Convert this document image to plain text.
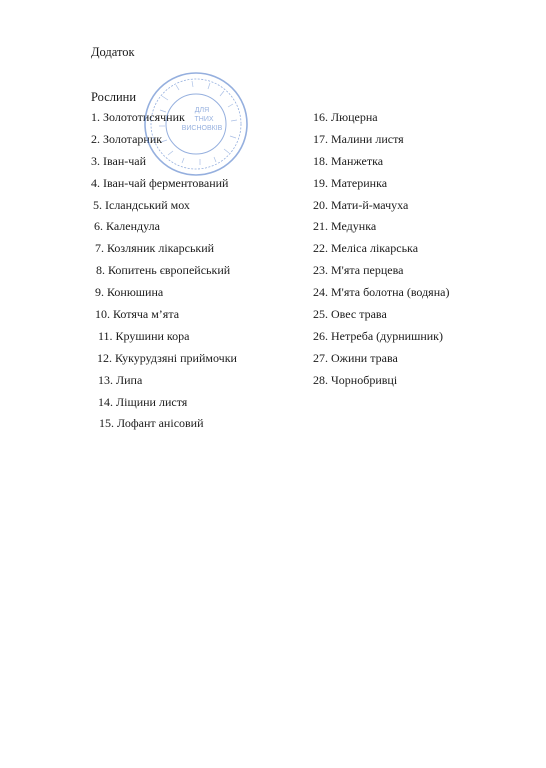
Додаток
Рослини
1. Золототисячник
2. Золотарник
3. Іван-чай
4. Іван-чай ферментований
5. Ісландський мох
6. Календула
7. Козляник лікарський
8. Копитень європейський
9. Конюшина
10. Котяча м’ята
11. Крушини кора
12. Кукурудзяні приймочки
13. Липа
14. Ліщини листя
15. Лофант анісовий
16. Люцерна
17. Малини листя
18. Манжетка
19. Материнка
20. Мати-й-мачуха
21. Медунка
22. Меліса лікарська
23. М'ята перцева
24. М'ята болотна (водяна)
25. Овес трава
26. Нетреба (дурнишник)
27. Ожини трава
28. Чорнобривці
ДЛЯ
ТНИХ
ВИСНОВКІВ
